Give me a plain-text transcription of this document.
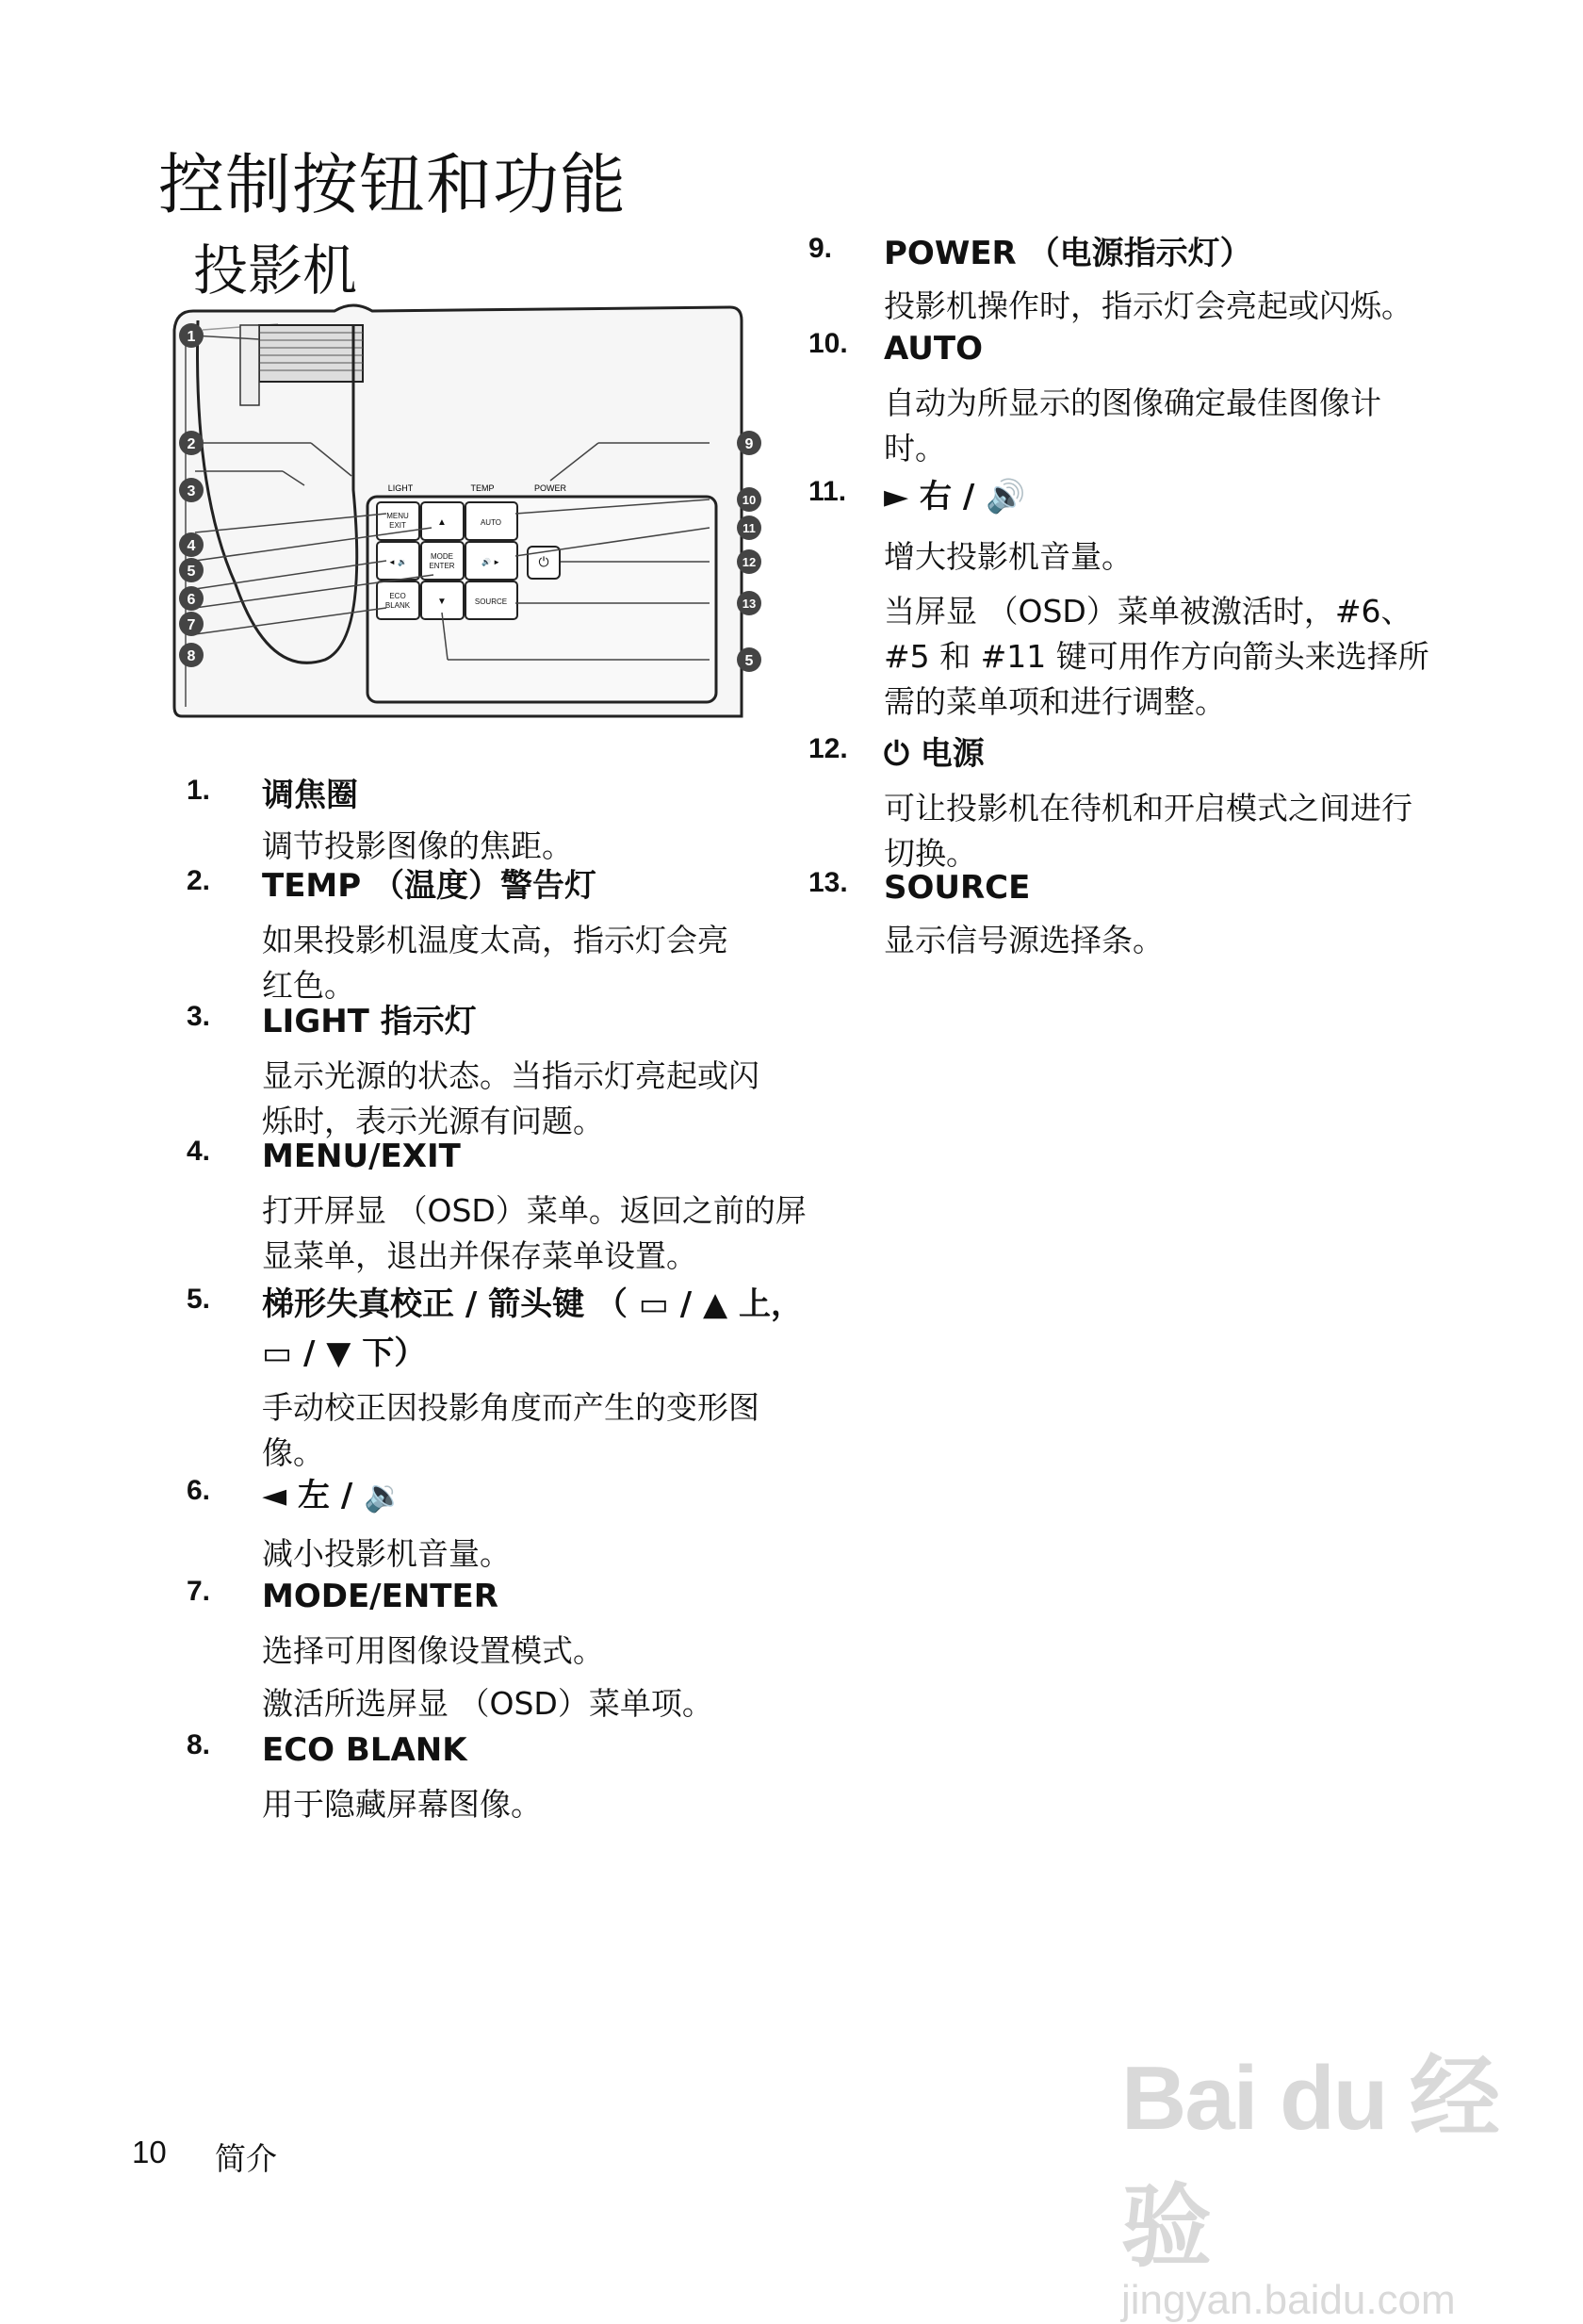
控制按钮和功能
投影机
LIGHT	TEMP	POWER
MENU
EXIT	▲	AUTO
◄ 🔉
MODE
ENTER	🔊 ►	⏻
ECO
BLANK	▼	SOURCE
1
2
3
4
5
6
7
8
9
10
11
12
13
5
1. 调焦圈
调节投影图像的焦距。
2. TEMP （温度）警告灯
如果投影机温度太高，指示灯会亮红色。
3. LIGHT 指示灯
显示光源的状态。当指示灯亮起或闪烁时，表示光源有问题。
4. MENU/EXIT
打开屏显 （OSD）菜单。返回之前的屏显菜单，退出并保存菜单设置。
5. 梯形失真校正 / 箭头键 （ ▭ / ▲ 上，
▭ / ▼ 下）
手动校正因投影角度而产生的变形图像。
6. ◄ 左 / 🔉
减小投影机音量。
7. MODE/ENTER
选择可用图像设置模式。
激活所选屏显 （OSD）菜单项。
8. ECO BLANK
用于隐藏屏幕图像。
9. POWER （电源指示灯）
投影机操作时，指示灯会亮起或闪烁。
10. AUTO
自动为所显示的图像确定最佳图像计时。
11. ► 右 / 🔊
增大投影机音量。
当屏显 （OSD）菜单被激活时，#6、#5 和 #11 键可用作方向箭头来选择所需的菜单项和进行调整。
12. ⏻ 电源
可让投影机在待机和开启模式之间进行切换。
13. SOURCE
显示信号源选择条。
10 简介
Bai du 经验
jingyan.baidu.com
